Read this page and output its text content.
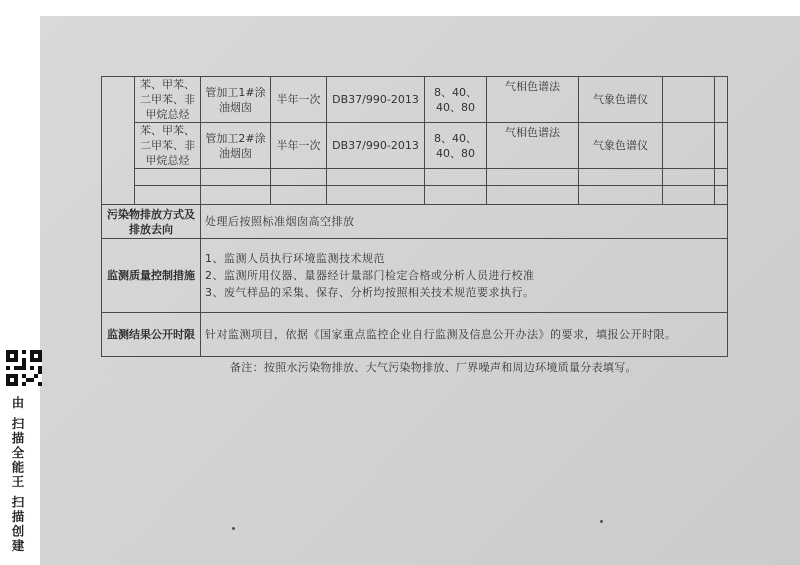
	苯、甲苯、二甲苯、非甲烷总烃	管加工1#涂油烟囱	半年一次	DB37/990-2013	8、40、40、80	气相色谱法	气象色谱仪		
	苯、甲苯、二甲苯、非甲烷总烃	管加工2#涂油烟囱	半年一次	DB37/990-2013	8、40、40、80	气相色谱法	气象色谱仪		

污染物排放方式及排放去向		处理后按照标准烟囱高空排放							
监测质量控制措施		1、监测人员执行环境监测技术规范
2、监测所用仪器、量器经计量部门检定合格或分析人员进行校准
3、废气样品的采集、保存、分析均按照相关技术规范要求执行。							

监测结果公开时限		针对监测项目，依据《国家重点监控企业自行监测及信息公开办法》的要求，填报公开时限。							
备注：按照水污染物排放、大气污染物排放、厂界噪声和周边环境质量分表填写。
由 扫描全能王 扫描创建
